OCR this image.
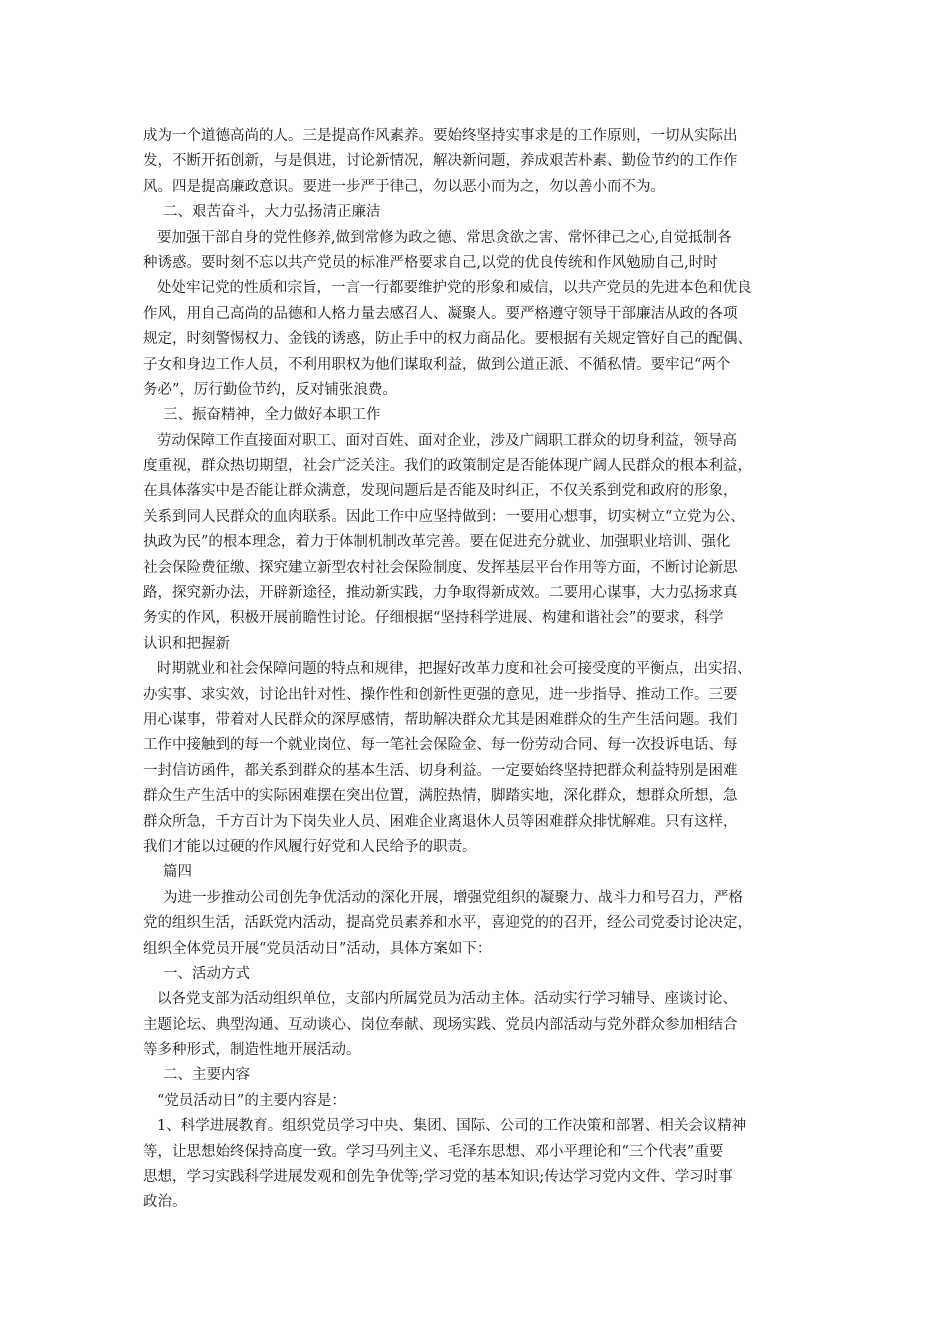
成为一个道德高尚的人。三是提高作风素养。要始终坚持实事求是的工作原则，一切从实际出
发，不断开拓创新，与是俱进，讨论新情况，解决新问题，养成艰苦朴素、勤俭节约的工作作
风。四是提高廉政意识。要进一步严于律己，勿以恶小而为之，勿以善小而不为。
二、艰苦奋斗，大力弘扬清正廉洁
要加强干部自身的党性修养,做到常修为政之德、常思贪欲之害、常怀律己之心,自觉抵制各
种诱惑。要时刻不忘以共产党员的标准严格要求自己,以党的优良传统和作风勉励自己,时时
处处牢记党的性质和宗旨，一言一行都要维护党的形象和威信，以共产党员的先进本色和优良
作风，用自己高尚的品德和人格力量去感召人、凝聚人。要严格遵守领导干部廉洁从政的各项
规定，时刻警惕权力、金钱的诱惑，防止手中的权力商品化。要根据有关规定管好自己的配偶、
子女和身边工作人员，不利用职权为他们谋取利益，做到公道正派、不循私情。要牢记“两个
务必”，厉行勤俭节约，反对铺张浪费。
三、振奋精神，全力做好本职工作
劳动保障工作直接面对职工、面对百姓、面对企业，涉及广阔职工群众的切身利益，领导高
度重视，群众热切期望，社会广泛关注。我们的政策制定是否能体现广阔人民群众的根本利益，
在具体落实中是否能让群众满意，发现问题后是否能及时纠正，不仅关系到党和政府的形象，
关系到同人民群众的血肉联系。因此工作中应坚持做到：一要用心想事，切实树立“立党为公、
执政为民”的根本理念，着力于体制机制改革完善。要在促进充分就业、加强职业培训、强化
社会保险费征缴、探究建立新型农村社会保险制度、发挥基层平台作用等方面，不断讨论新思
路，探究新办法，开辟新途径，推动新实践，力争取得新成效。二要用心谋事，大力弘扬求真
务实的作风，积极开展前瞻性讨论。仔细根据“坚持科学进展、构建和谐社会”的要求，科学
认识和把握新
时期就业和社会保障问题的特点和规律，把握好改革力度和社会可接受度的平衡点，出实招、
办实事、求实效，讨论出针对性、操作性和创新性更强的意见，进一步指导、推动工作。三要
用心谋事，带着对人民群众的深厚感情，帮助解决群众尤其是困难群众的生产生活问题。我们
工作中接触到的每一个就业岗位、每一笔社会保险金、每一份劳动合同、每一次投诉电话、每
一封信访函件，都关系到群众的基本生活、切身利益。一定要始终坚持把群众利益特别是困难
群众生产生活中的实际困难摆在突出位置，满腔热情，脚踏实地，深化群众，想群众所想，急
群众所急，千方百计为下岗失业人员、困难企业离退休人员等困难群众排忧解难。只有这样，
我们才能以过硬的作风履行好党和人民给予的职责。
篇四
为进一步推动公司创先争优活动的深化开展，增强党组织的凝聚力、战斗力和号召力，严格
党的组织生活，活跃党内活动，提高党员素养和水平，喜迎党的的召开，经公司党委讨论决定，
组织全体党员开展“党员活动日”活动，具体方案如下：
一、活动方式
以各党支部为活动组织单位，支部内所属党员为活动主体。活动实行学习辅导、座谈讨论、
主题论坛、典型沟通、互动谈心、岗位奉献、现场实践、党员内部活动与党外群众参加相结合
等多种形式，制造性地开展活动。
二、主要内容
“党员活动日”的主要内容是：
1、科学进展教育。组织党员学习中央、集团、国际、公司的工作决策和部署、相关会议精神
等，让思想始终保持高度一致。学习马列主义、毛泽东思想、邓小平理论和“三个代表”重要
思想，学习实践科学进展发观和创先争优等;学习党的基本知识;传达学习党内文件、学习时事
政治。
